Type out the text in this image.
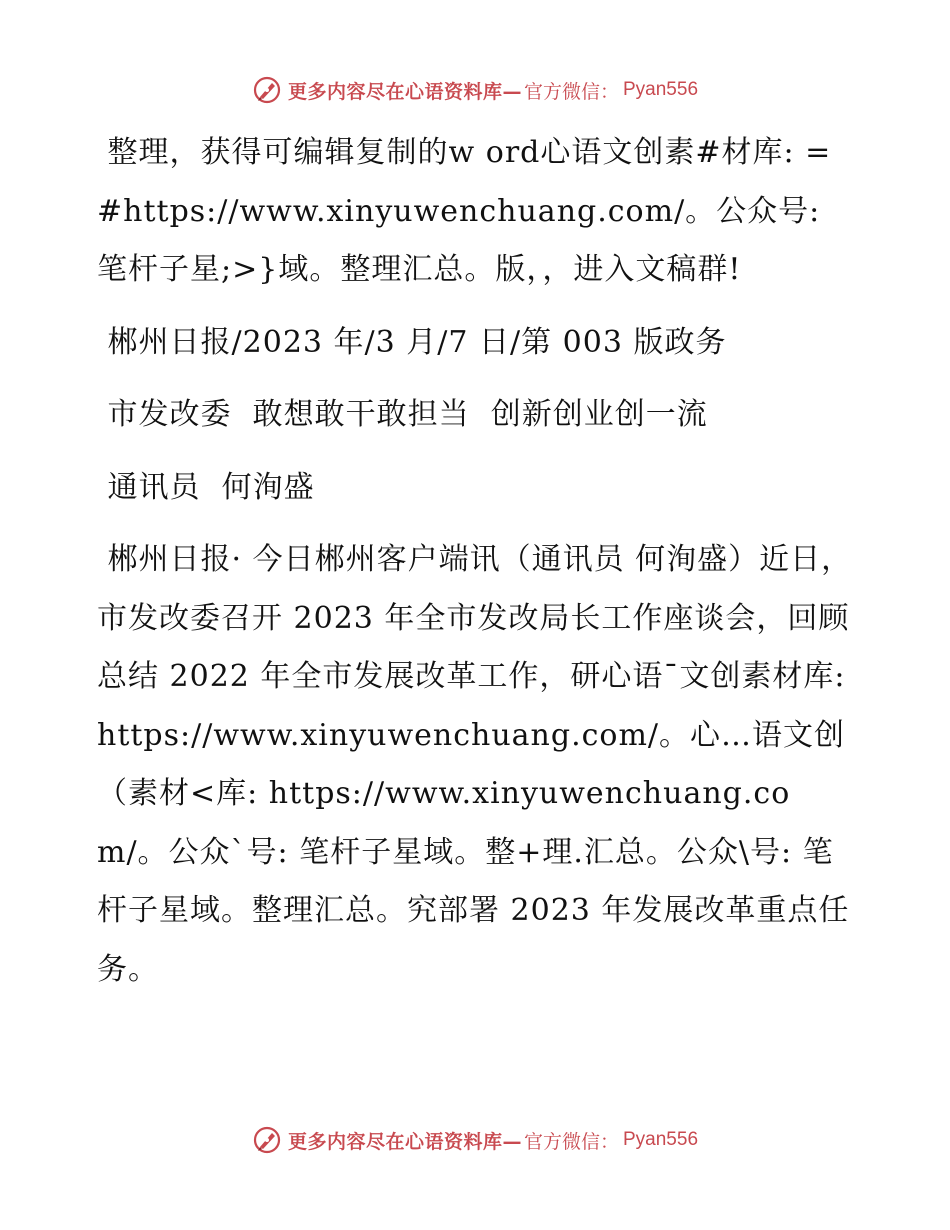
更多内容尽在心语资料库— 官方微信： Pyan556

整理，获得可编辑复制的w ord心语文创素#材库: =#https://www.xinyuwenchuang.com/。公众号: 笔杆子星;>}域。整理汇总。版，，进入文稿群!

郴州日报/2023 年/3 月/7 日/第 003 版政务

市发改委  敢想敢干敢担当  创新创业创一流

通讯员  何洵盛

郴州日报· 今日郴州客户端讯（通讯员 何洵盛）近日，市发改委召开 2023 年全市发改局长工作座谈会，回顾总结 2022 年全市发展改革工作，研心语¯文创素材库: https://www.xinyuwenchuang.com/。心…语文创（素材<库: https://www.xinyuwenchuang.com/。公众`号: 笔杆子星域。整+理.汇总。公众\号: 笔杆子星域。整理汇总。究部署 2023 年发展改革重点任务。

更多内容尽在心语资料库— 官方微信： Pyan556
